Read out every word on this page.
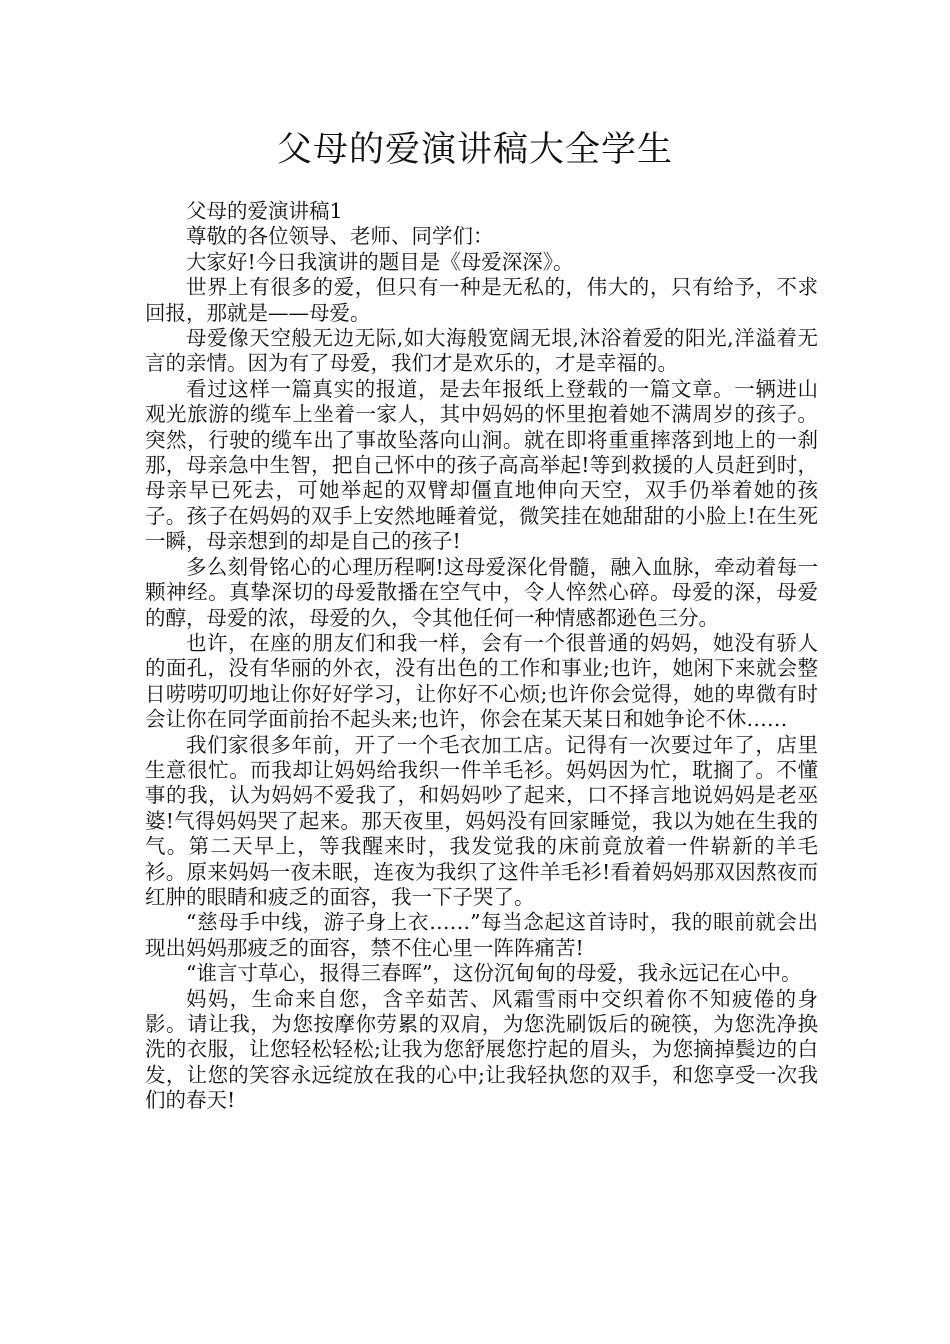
父母的爱演讲稿大全学生

父母的爱演讲稿1

尊敬的各位领导、老师、同学们：

大家好!今日我演讲的题目是《母爱深深》。

世界上有很多的爱，但只有一种是无私的，伟大的，只有给予，不求回报，那就是——母爱。

母爱像天空般无边无际,如大海般宽阔无垠,沐浴着爱的阳光,洋溢着无言的亲情。因为有了母爱，我们才是欢乐的，才是幸福的。

看过这样一篇真实的报道，是去年报纸上登载的一篇文章。一辆进山观光旅游的缆车上坐着一家人，其中妈妈的怀里抱着她不满周岁的孩子。突然，行驶的缆车出了事故坠落向山涧。就在即将重重摔落到地上的一刹那，母亲急中生智，把自己怀中的孩子高高举起!等到救援的人员赶到时，母亲早已死去，可她举起的双臂却僵直地伸向天空，双手仍举着她的孩子。孩子在妈妈的双手上安然地睡着觉，微笑挂在她甜甜的小脸上!在生死一瞬，母亲想到的却是自己的孩子!

多么刻骨铭心的心理历程啊!这母爱深化骨髓，融入血脉，牵动着每一颗神经。真挚深切的母爱散播在空气中，令人悴然心碎。母爱的深，母爱的醇，母爱的浓，母爱的久，令其他任何一种情感都逊色三分。

也许，在座的朋友们和我一样，会有一个很普通的妈妈，她没有骄人的面孔，没有华丽的外衣，没有出色的工作和事业;也许，她闲下来就会整日唠唠叨叨地让你好好学习，让你好不心烦;也许你会觉得，她的卑微有时会让你在同学面前抬不起头来;也许，你会在某天某日和她争论不休……

我们家很多年前，开了一个毛衣加工店。记得有一次要过年了，店里生意很忙。而我却让妈妈给我织一件羊毛衫。妈妈因为忙，耽搁了。不懂事的我，认为妈妈不爱我了，和妈妈吵了起来，口不择言地说妈妈是老巫婆!气得妈妈哭了起来。那天夜里，妈妈没有回家睡觉，我以为她在生我的气。第二天早上，等我醒来时，我发觉我的床前竟放着一件崭新的羊毛衫。原来妈妈一夜未眠，连夜为我织了这件羊毛衫!看着妈妈那双因熬夜而红肿的眼睛和疲乏的面容，我一下子哭了。

“慈母手中线，游子身上衣……”每当念起这首诗时，我的眼前就会出现出妈妈那疲乏的面容，禁不住心里一阵阵痛苦!

“谁言寸草心，报得三春晖”，这份沉甸甸的母爱，我永远记在心中。

妈妈，生命来自您，含辛茹苦、风霜雪雨中交织着你不知疲倦的身影。请让我，为您按摩你劳累的双肩，为您洗刷饭后的碗筷，为您洗净换洗的衣服，让您轻松轻松;让我为您舒展您拧起的眉头，为您摘掉鬓边的白发，让您的笑容永远绽放在我的心中;让我轻执您的双手，和您享受一次我们的春天!
